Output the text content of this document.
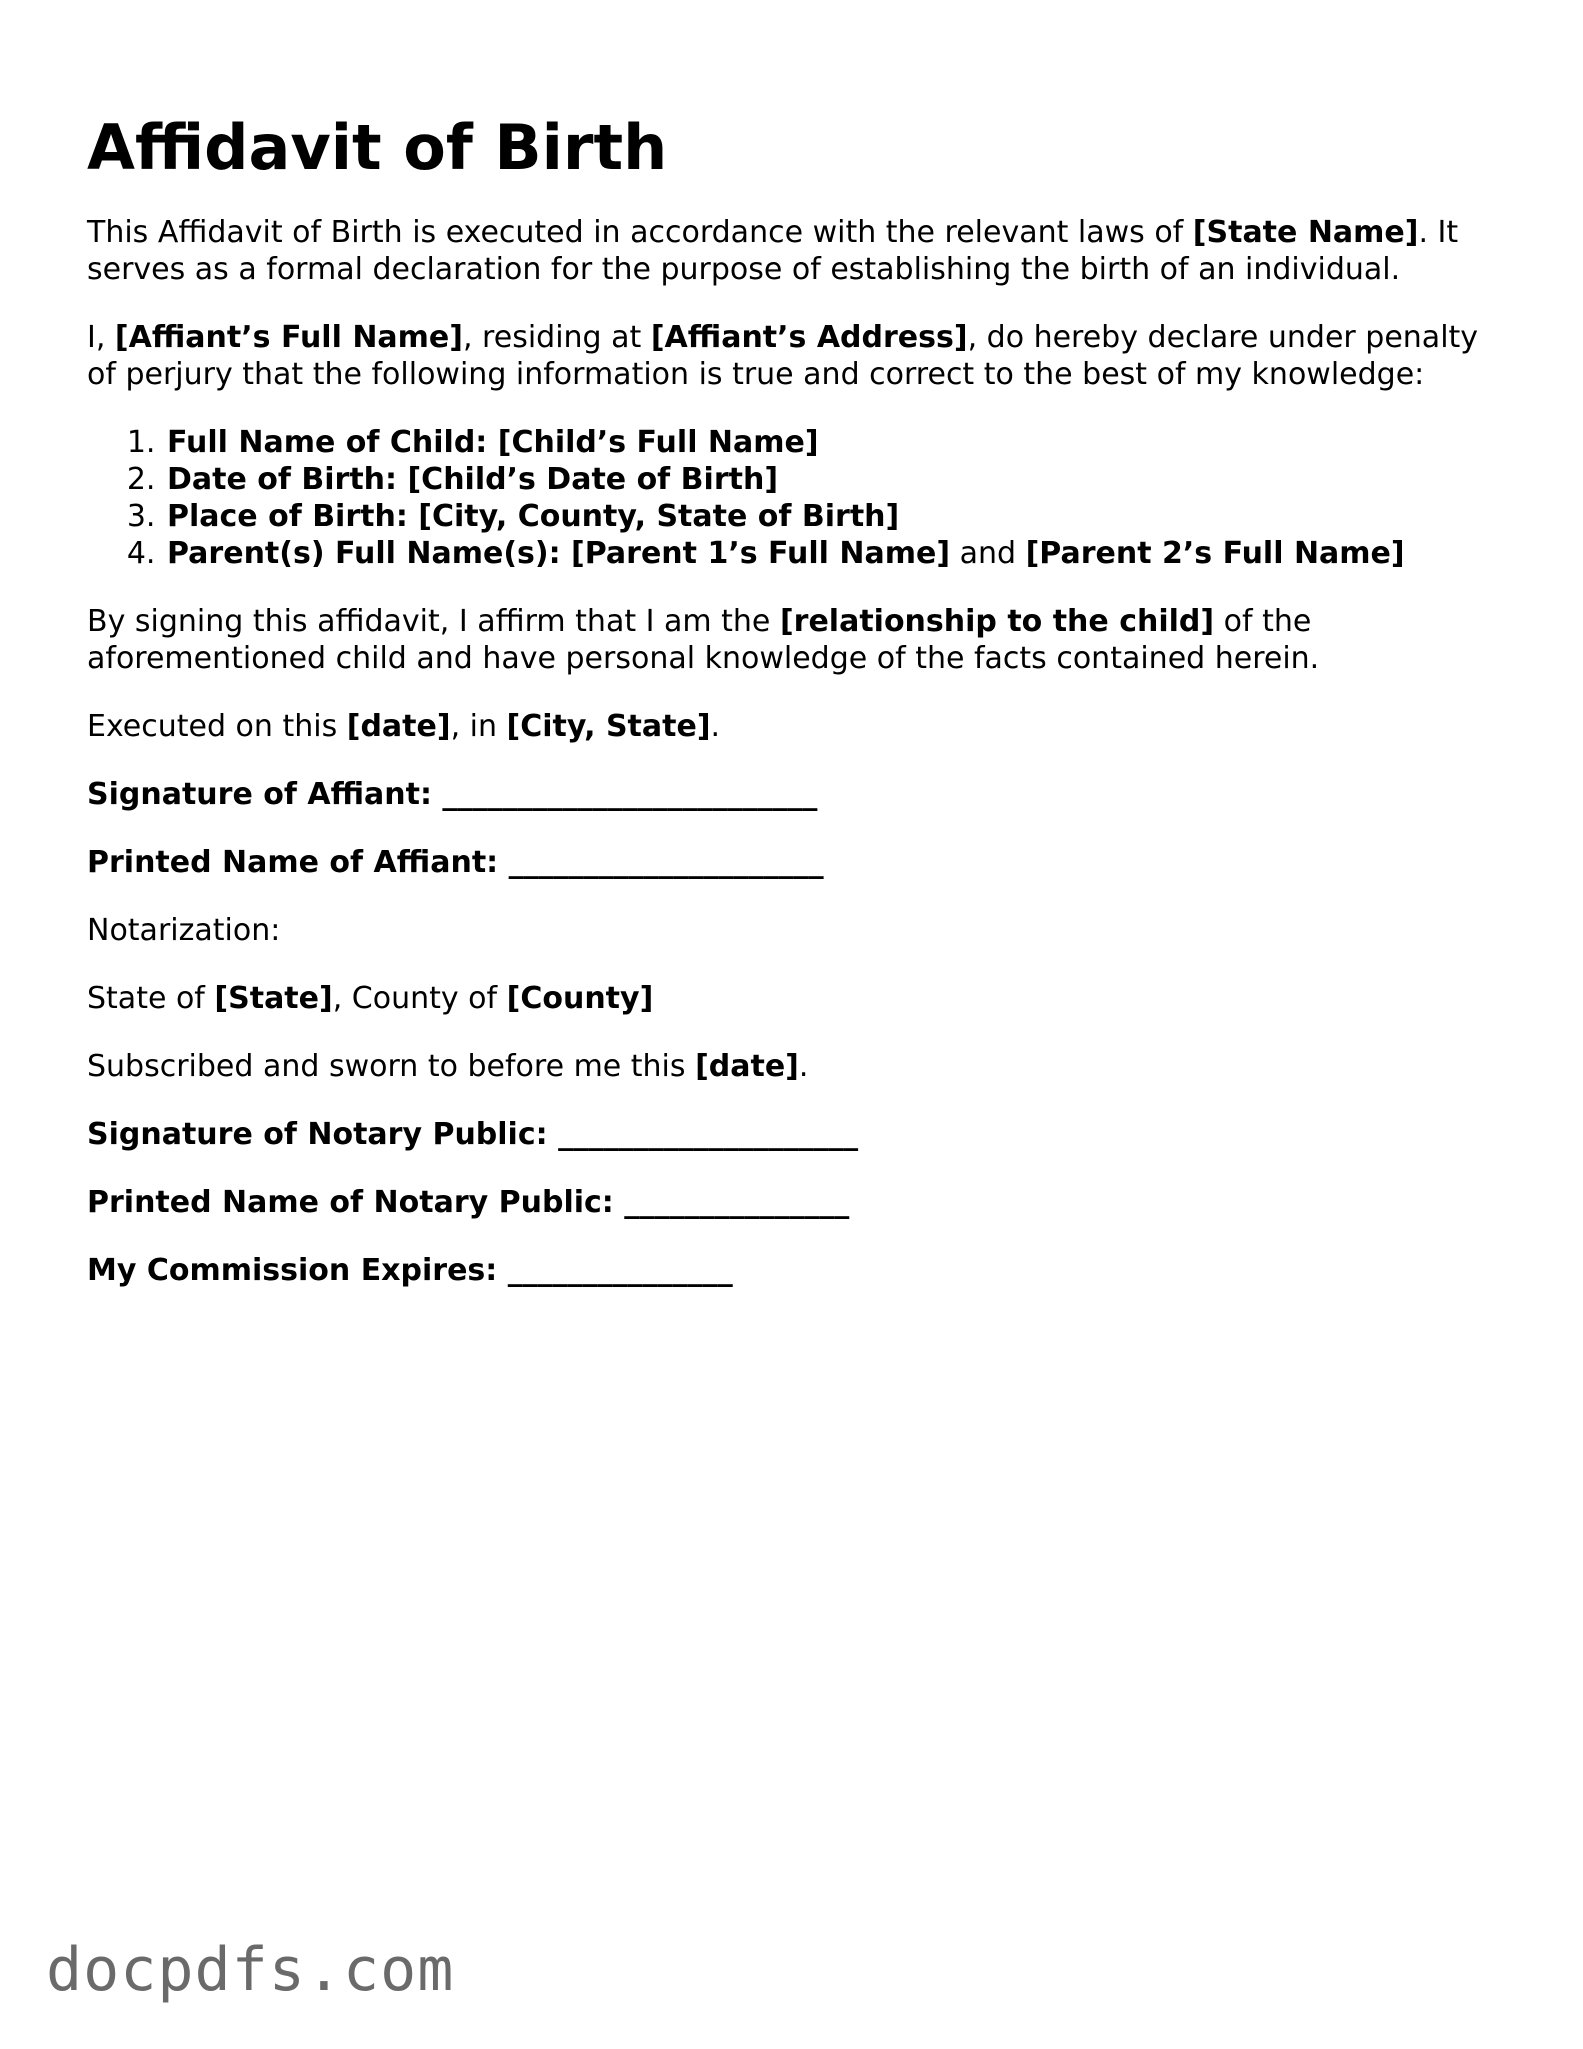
Affidavit of Birth

This Affidavit of Birth is executed in accordance with the relevant laws of [State Name]. It serves as a formal declaration for the purpose of establishing the birth of an individual.

I, [Affiant’s Full Name], residing at [Affiant’s Address], do hereby declare under penalty of perjury that the following information is true and correct to the best of my knowledge:

1. Full Name of Child: [Child’s Full Name]
2. Date of Birth: [Child’s Date of Birth]
3. Place of Birth: [City, County, State of Birth]
4. Parent(s) Full Name(s): [Parent 1’s Full Name] and [Parent 2’s Full Name]

By signing this affidavit, I affirm that I am the [relationship to the child] of the aforementioned child and have personal knowledge of the facts contained herein.

Executed on this [date], in [City, State].

Signature of Affiant: _________________________

Printed Name of Affiant: _____________________

Notarization:

State of [State], County of [County]

Subscribed and sworn to before me this [date].

Signature of Notary Public: ____________________

Printed Name of Notary Public: _______________

My Commission Expires: _______________

docpdfs.com
